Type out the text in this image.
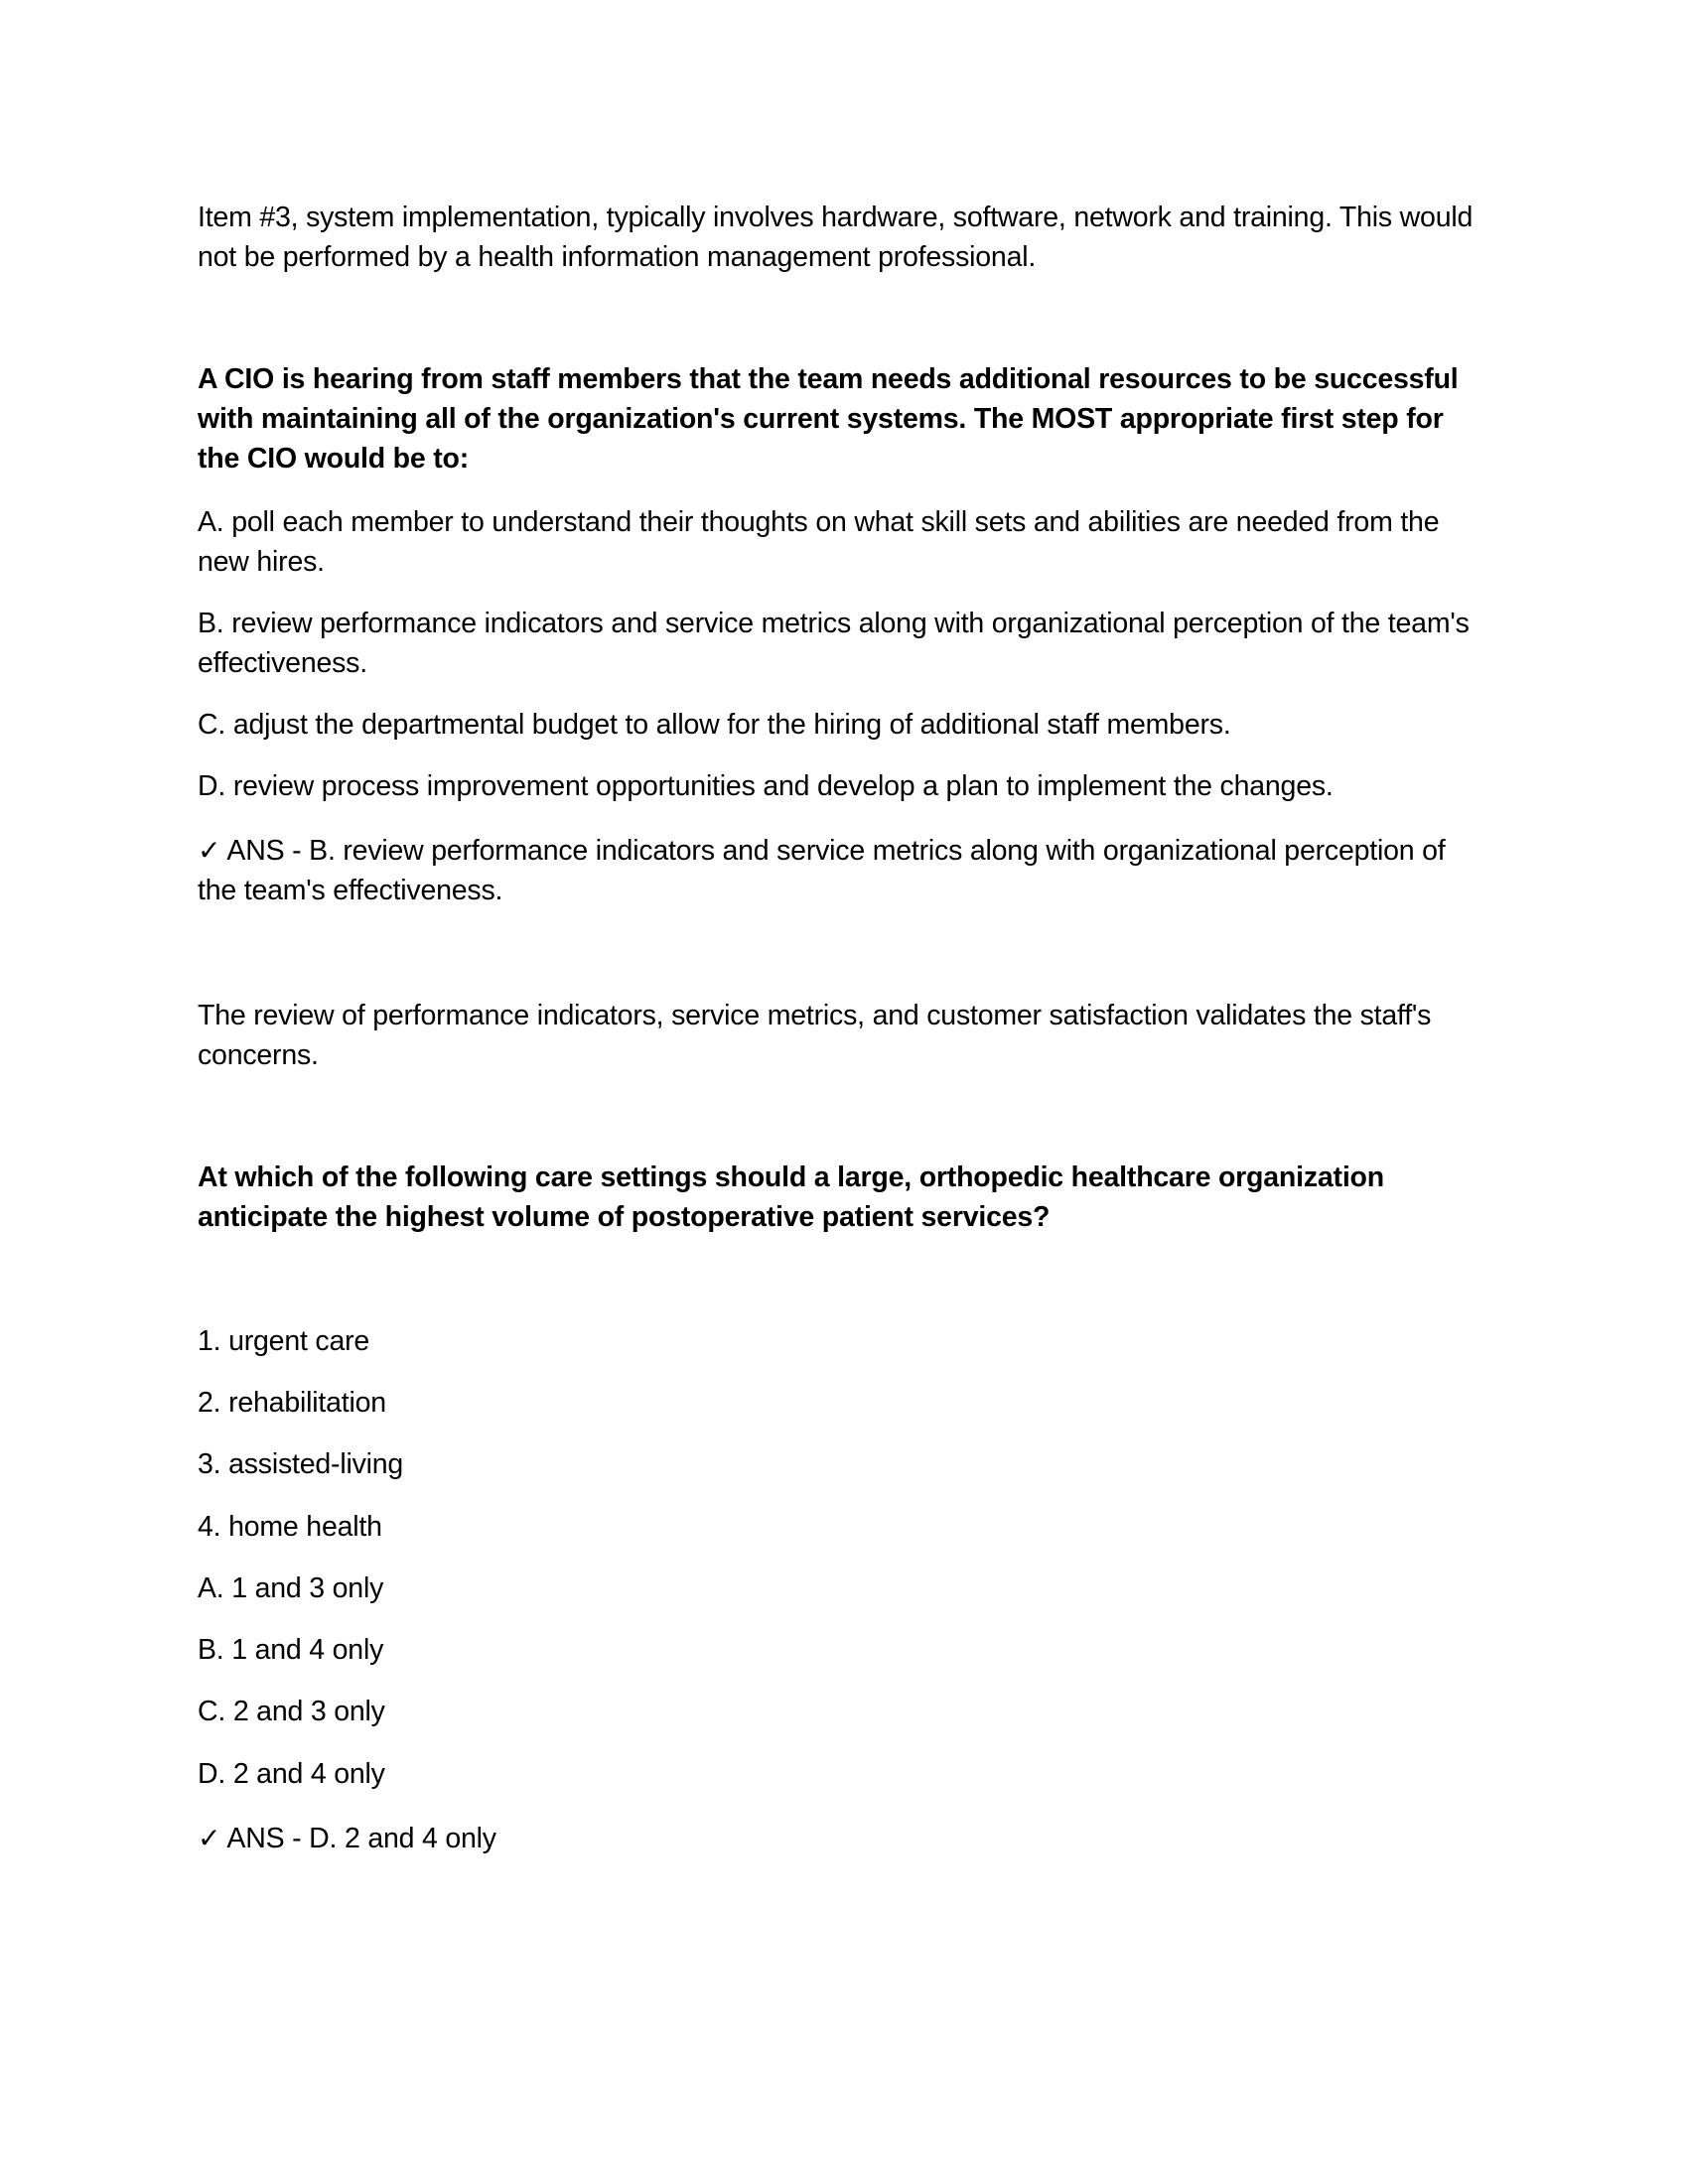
Item #3, system implementation, typically involves hardware, software, network and training. This would not be performed by a health information management professional.

A CIO is hearing from staff members that the team needs additional resources to be successful with maintaining all of the organization's current systems. The MOST appropriate first step for the CIO would be to:

A. poll each member to understand their thoughts on what skill sets and abilities are needed from the new hires.

B. review performance indicators and service metrics along with organizational perception of the team's effectiveness.

C. adjust the departmental budget to allow for the hiring of additional staff members.

D. review process improvement opportunities and develop a plan to implement the changes.

✓ ANS - B. review performance indicators and service metrics along with organizational perception of the team's effectiveness.

The review of performance indicators, service metrics, and customer satisfaction validates the staff's concerns.

At which of the following care settings should a large, orthopedic healthcare organization anticipate the highest volume of postoperative patient services?

1. urgent care

2. rehabilitation

3. assisted-living

4. home health

A. 1 and 3 only

B. 1 and 4 only

C. 2 and 3 only

D. 2 and 4 only

✓ ANS - D. 2 and 4 only
